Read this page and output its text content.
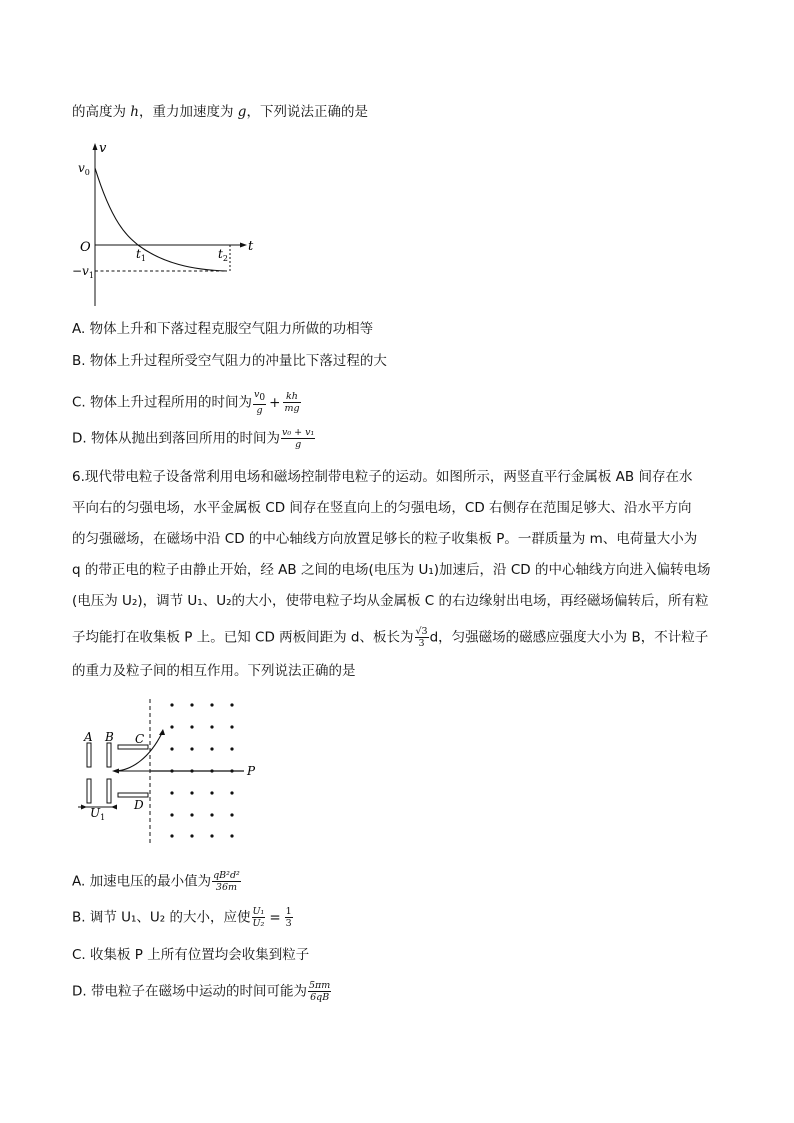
的高度为 h，重力加速度为 g，下列说法正确的是
v
t
O
$v_0$
$-v_1$
$t_1$	$t_2$
A. 物体上升和下落过程克服空气阻力所做的功相等
B. 物体上升过程所受空气阻力的冲量比下落过程的大
C. 物体上升过程所用的时间为 $\frac{v_0}{g} + \frac{kh}{mg}$
D. 物体从抛出到落回所用的时间为 $\frac{\text{v₀ + v₁}}{g}$
6.现代带电粒子设备常利用电场和磁场控制带电粒子的运动。如图所示，两竖直平行金属板 AB 间存在水
平向右的匀强电场，水平金属板 CD 间存在竖直向上的匀强电场，CD 右侧存在范围足够大、沿水平方向
的匀强磁场，在磁场中沿 CD 的中心轴线方向放置足够长的粒子收集板 P。一群质量为 m、电荷量大小为
q 的带正电的粒子由静止开始，经 AB 之间的电场(电压为 U₁)加速后，沿 CD 的中心轴线方向进入偏转电场
(电压为 U₂)，调节 U₁、U₂的大小，使带电粒子均从金属板 C 的右边缘射出电场，再经磁场偏转后，所有粒
子均能打在收集板 P 上。已知 CD 两板间距为 d、板长为 $\frac{√3}{3}$ d，匀强磁场的磁感应强度大小为 B，不计粒子
的重力及粒子间的相互作用。下列说法正确的是
A B C
D
$U_1$
P
A. 加速电压的最小值为 $\frac{\text{qB²d²}}{36m}$
B. 调节 U₁、U₂ 的大小，应使 $\frac{\text{U₁}}{\text{U₂}} = \frac{1}{3}$
C. 收集板 P 上所有位置均会收集到粒子
D. 带电粒子在磁场中运动的时间可能为 $\frac{5\pi m}{6qB}$
